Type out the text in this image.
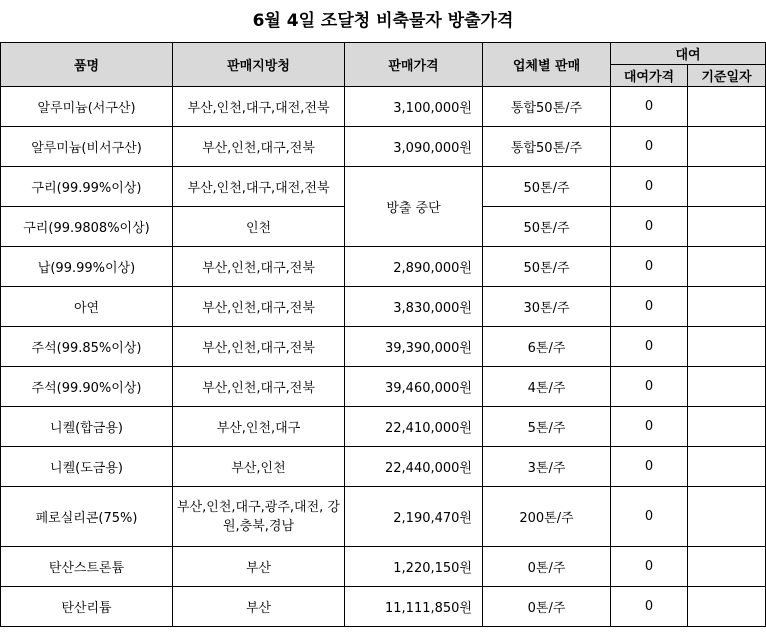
6월 4일 조달청 비축물자 방출가격
품명	판매지방청	판매가격	업체별 판매	대여	
				대여가격	기준일자
알루미늄(서구산)	부산,인천,대구,대전,전북	3,100,000원	통합50톤/주	0	
알루미늄(비서구산)	부산,인천,대구,전북	3,090,000원	통합50톤/주	0	
구리(99.99%이상)	부산,인천,대구,대전,전북	방출 중단	50톤/주	0	
구리(99.9808%이상)	인천		50톤/주	0	
납(99.99%이상)	부산,인천,대구,전북	2,890,000원	50톤/주	0	
아연	부산,인천,대구,전북	3,830,000원	30톤/주	0	
주석(99.85%이상)	부산,인천,대구,전북	39,390,000원	6톤/주	0	
주석(99.90%이상)	부산,인천,대구,전북	39,460,000원	4톤/주	0	
니켈(합금용)	부산,인천,대구	22,410,000원	5톤/주	0	
니켈(도금용)	부산,인천	22,440,000원	3톤/주	0	
페로실리콘(75%)	부산,인천,대구,광주,대전, 강원,충북,경남	2,190,470원	200톤/주	0	
탄산스트론튬	부산	1,220,150원	0톤/주	0	
탄산리튬	부산	11,111,850원	0톤/주	0	
